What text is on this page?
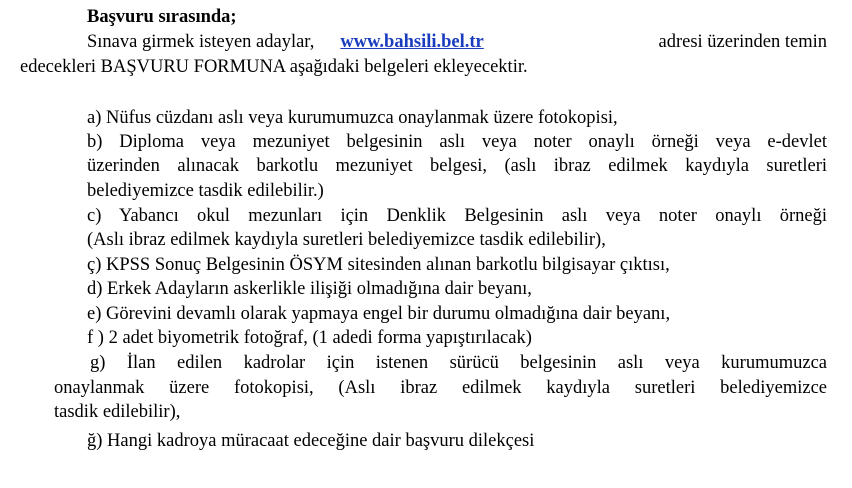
Başvuru sırasında;
Sınava girmek isteyen adaylar, www.bahsili.bel.tr	adresi üzerinden temin
edecekleri BAŞVURU FORMUNA aşağıdaki belgeleri ekleyecektir.
a) Nüfus cüzdanı aslı veya kurumumuzca onaylanmak üzere fotokopisi,
b) Diploma veya mezuniyet belgesinin aslı veya noter onaylı örneği veya e-devlet
üzerinden alınacak barkotlu mezuniyet belgesi, (aslı ibraz edilmek kaydıyla suretleri
belediyemizce tasdik edilebilir.)
c) Yabancı okul mezunları için Denklik Belgesinin aslı veya noter onaylı örneği
(Aslı ibraz edilmek kaydıyla suretleri belediyemizce tasdik edilebilir),
ç) KPSS Sonuç Belgesinin ÖSYM sitesinden alınan barkotlu bilgisayar çıktısı,
d) Erkek Adayların askerlikle ilişiği olmadığına dair beyanı,
e) Görevini devamlı olarak yapmaya engel bir durumu olmadığına dair beyanı,
f ) 2 adet biyometrik fotoğraf, (1 adedi forma yapıştırılacak)
g) İlan edilen kadrolar için istenen sürücü belgesinin aslı veya kurumumuzca
onaylanmak üzere fotokopisi, (Aslı ibraz edilmek kaydıyla suretleri belediyemizce
tasdik edilebilir),
ğ) Hangi kadroya müracaat edeceğine dair başvuru dilekçesi
